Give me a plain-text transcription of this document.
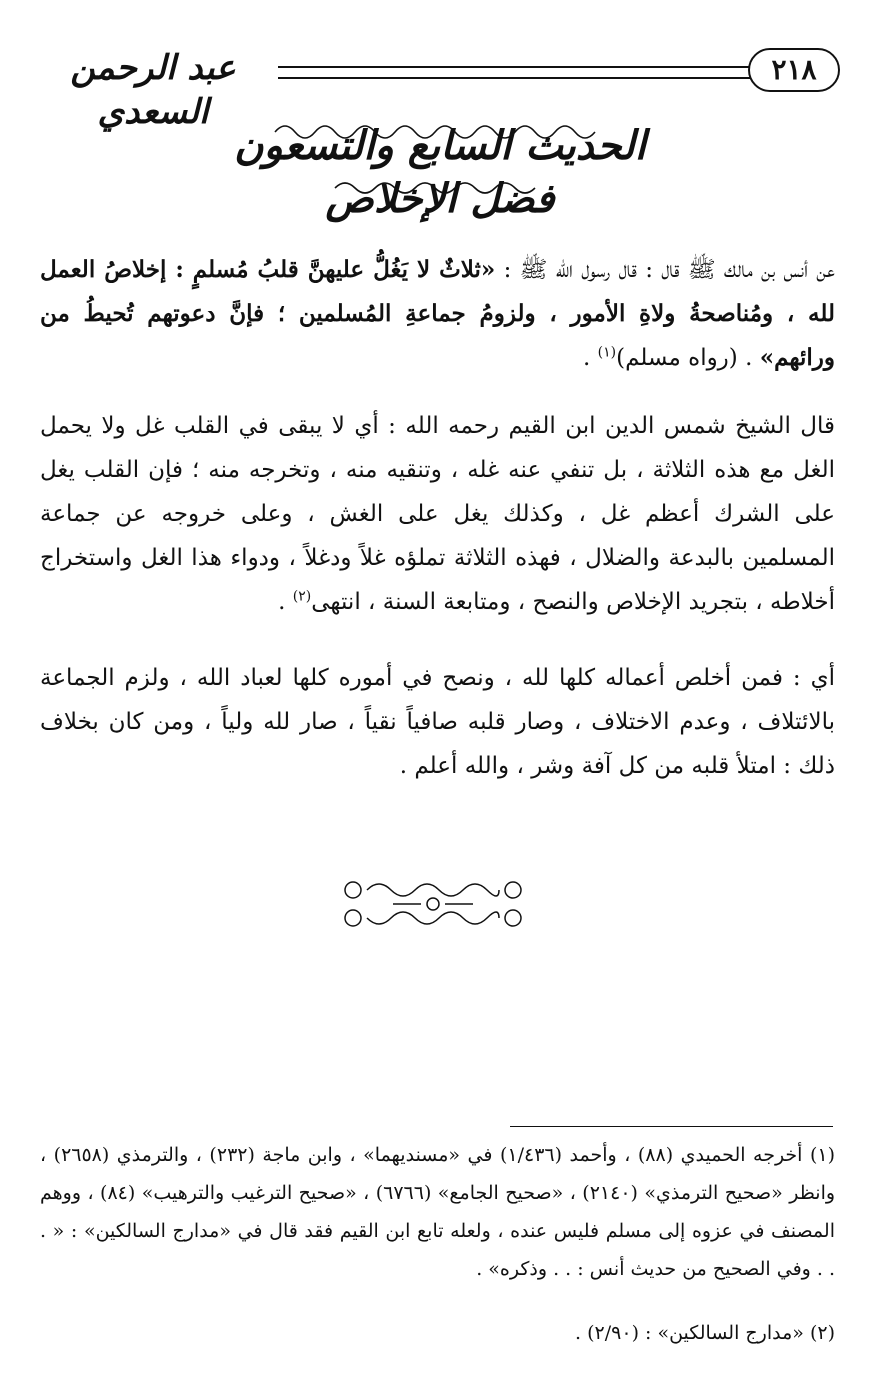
عبد الرحمن السعدي
٢١٨
الحديث السابع والتسعون
فضل الإخلاص
عن أنس بن مالك ﷺ قال : قال رسول الله ﷺ : «ثلاثٌ لا يَغُلُّ عليهنَّ قلبُ مُسلمٍ : إخلاصُ العمل لله ، ومُناصحةُ ولاةِ الأمور ، ولزومُ جماعةِ المُسلمين ؛ فإنَّ دعوتهم تُحيطُ من ورائهم» . (رواه مسلم)$^{(١)}$ .
قال الشيخ شمس الدين ابن القيم رحمه الله : أي لا يبقى في القلب غل ولا يحمل الغل مع هذه الثلاثة ، بل تنفي عنه غله ، وتنقيه منه ، وتخرجه منه ؛ فإن القلب يغل على الشرك أعظم غل ، وكذلك يغل على الغش ، وعلى خروجه عن جماعة المسلمين بالبدعة والضلال ، فهذه الثلاثة تملؤه غلاً ودغلاً ، ودواء هذا الغل واستخراج أخلاطه ، بتجريد الإخلاص والنصح ، ومتابعة السنة ، انتهى$^{(٢)}$ .
أي : فمن أخلص أعماله كلها لله ، ونصح في أموره كلها لعباد الله ، ولزم الجماعة بالائتلاف ، وعدم الاختلاف ، وصار قلبه صافياً نقياً ، صار لله ولياً ، ومن كان بخلاف ذلك : امتلأ قلبه من كل آفة وشر ، والله أعلم .
(١) أخرجه الحميدي (٨٨) ، وأحمد (١/٤٣٦) في «مسنديهما» ، وابن ماجة (٢٣٢) ، والترمذي (٢٦٥٨) ، وانظر «صحيح الترمذي» (٢١٤٠) ، «صحيح الجامع» (٦٧٦٦) ، «صحيح الترغيب والترهيب» (٨٤) ، ووهم المصنف في عزوه إلى مسلم فليس عنده ، ولعله تابع ابن القيم فقد قال في «مدارج السالكين» : « . . . وفي الصحيح من حديث أنس : . . وذكره» .
(٢) «مدارج السالكين» : (٢/٩٠) .
